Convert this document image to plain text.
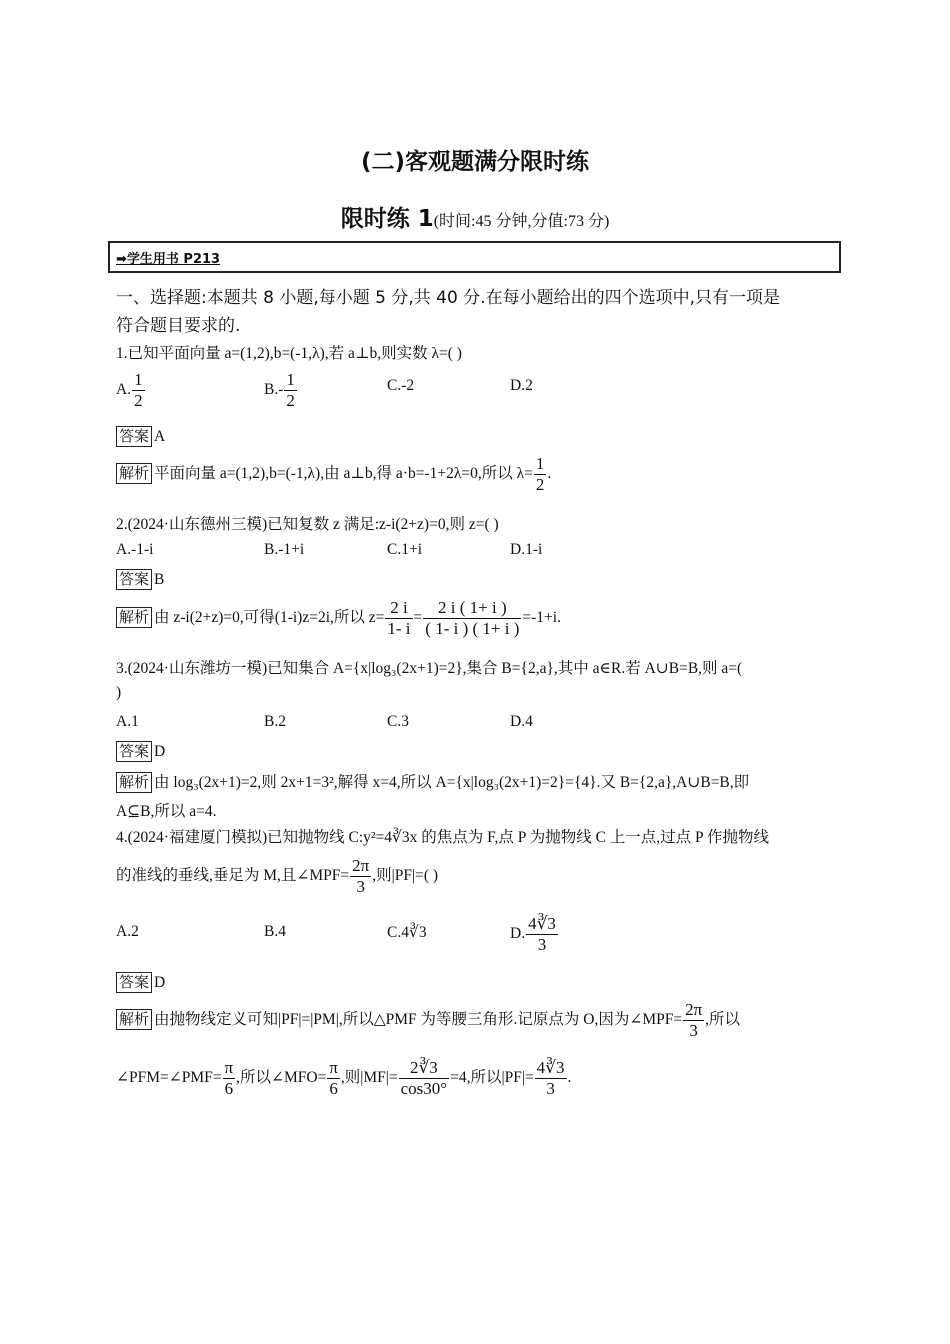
(二)客观题满分限时练
限时练 1(时间:45 分钟,分值:73 分)
➡学生用书 P213
一、选择题:本题共 8 小题,每小题 5 分,共 40 分.在每小题给出的四个选项中,只有一项是
符合题目要求的.
1.已知平面向量 a=(1,2),b=(-1,λ),若 a⊥b,则实数 λ=( )
A. $\frac{1}{2}$	$B.- \frac{1}{2}$	C.-2	D.2
答案 A
解析 平面向量 a=(1,2),b=(-1,λ),由 a⊥b,得 a·b=-1+2λ=0,所以 $\lambda= \frac{1}{2}$ .
2.(2024·山东德州三模)已知复数 z 满足:z-i(2+z)=0,则 z=( )
A.-1-i	B.-1+i	C.1+i	D.1-i
答案 B
解析 由 z-i(2+z)=0,可得(1-i)z=2i,所以 $z= \frac{2 i}{1- i} = \frac{2 i ( 1+ i )}{( 1- i ) ( 1+ i )} =-1+i$.
3.(2024·山东潍坊一模)已知集合 A={x|log₃(2x+1)=2},集合 B={2,a},其中 a∈R.若 A∪B=B,则 a=(
)
A.1	B.2	C.3	D.4
答案 D
解析 由 log₃(2x+1)=2,则 2x+1=3²,解得 x=4,所以 A={x|log₃(2x+1)=2}={4}.又 B={2,a},A∪B=B,即
A⊆B,所以 a=4.
4.(2024·福建厦门模拟)已知抛物线 C:y²=4∛3x 的焦点为 F,点 P 为抛物线 C 上一点,过点 P 作抛物线
的准线的垂线,垂足为 M,且∠MPF= $\frac{2\pi}{3}$ ,则|PF|=( )
A.2	B.4	C.4∛3	D. $\frac{4∛3}{3}$
答案 D
解析 由抛物线定义可知|PF|=|PM|,所以△PMF 为等腰三角形.记原点为 O,因为∠MPF= $\frac{2\pi}{3}$ ,所以
∠PFM=∠PMF= $\frac{\pi}{6}$ ,所以∠MFO= $\frac{\pi}{6}$ ,则$|MF|= \frac{2∛3}{\cos 30^\circ} =4$,所以$|PF|= \frac{4∛3}{3}$ .
